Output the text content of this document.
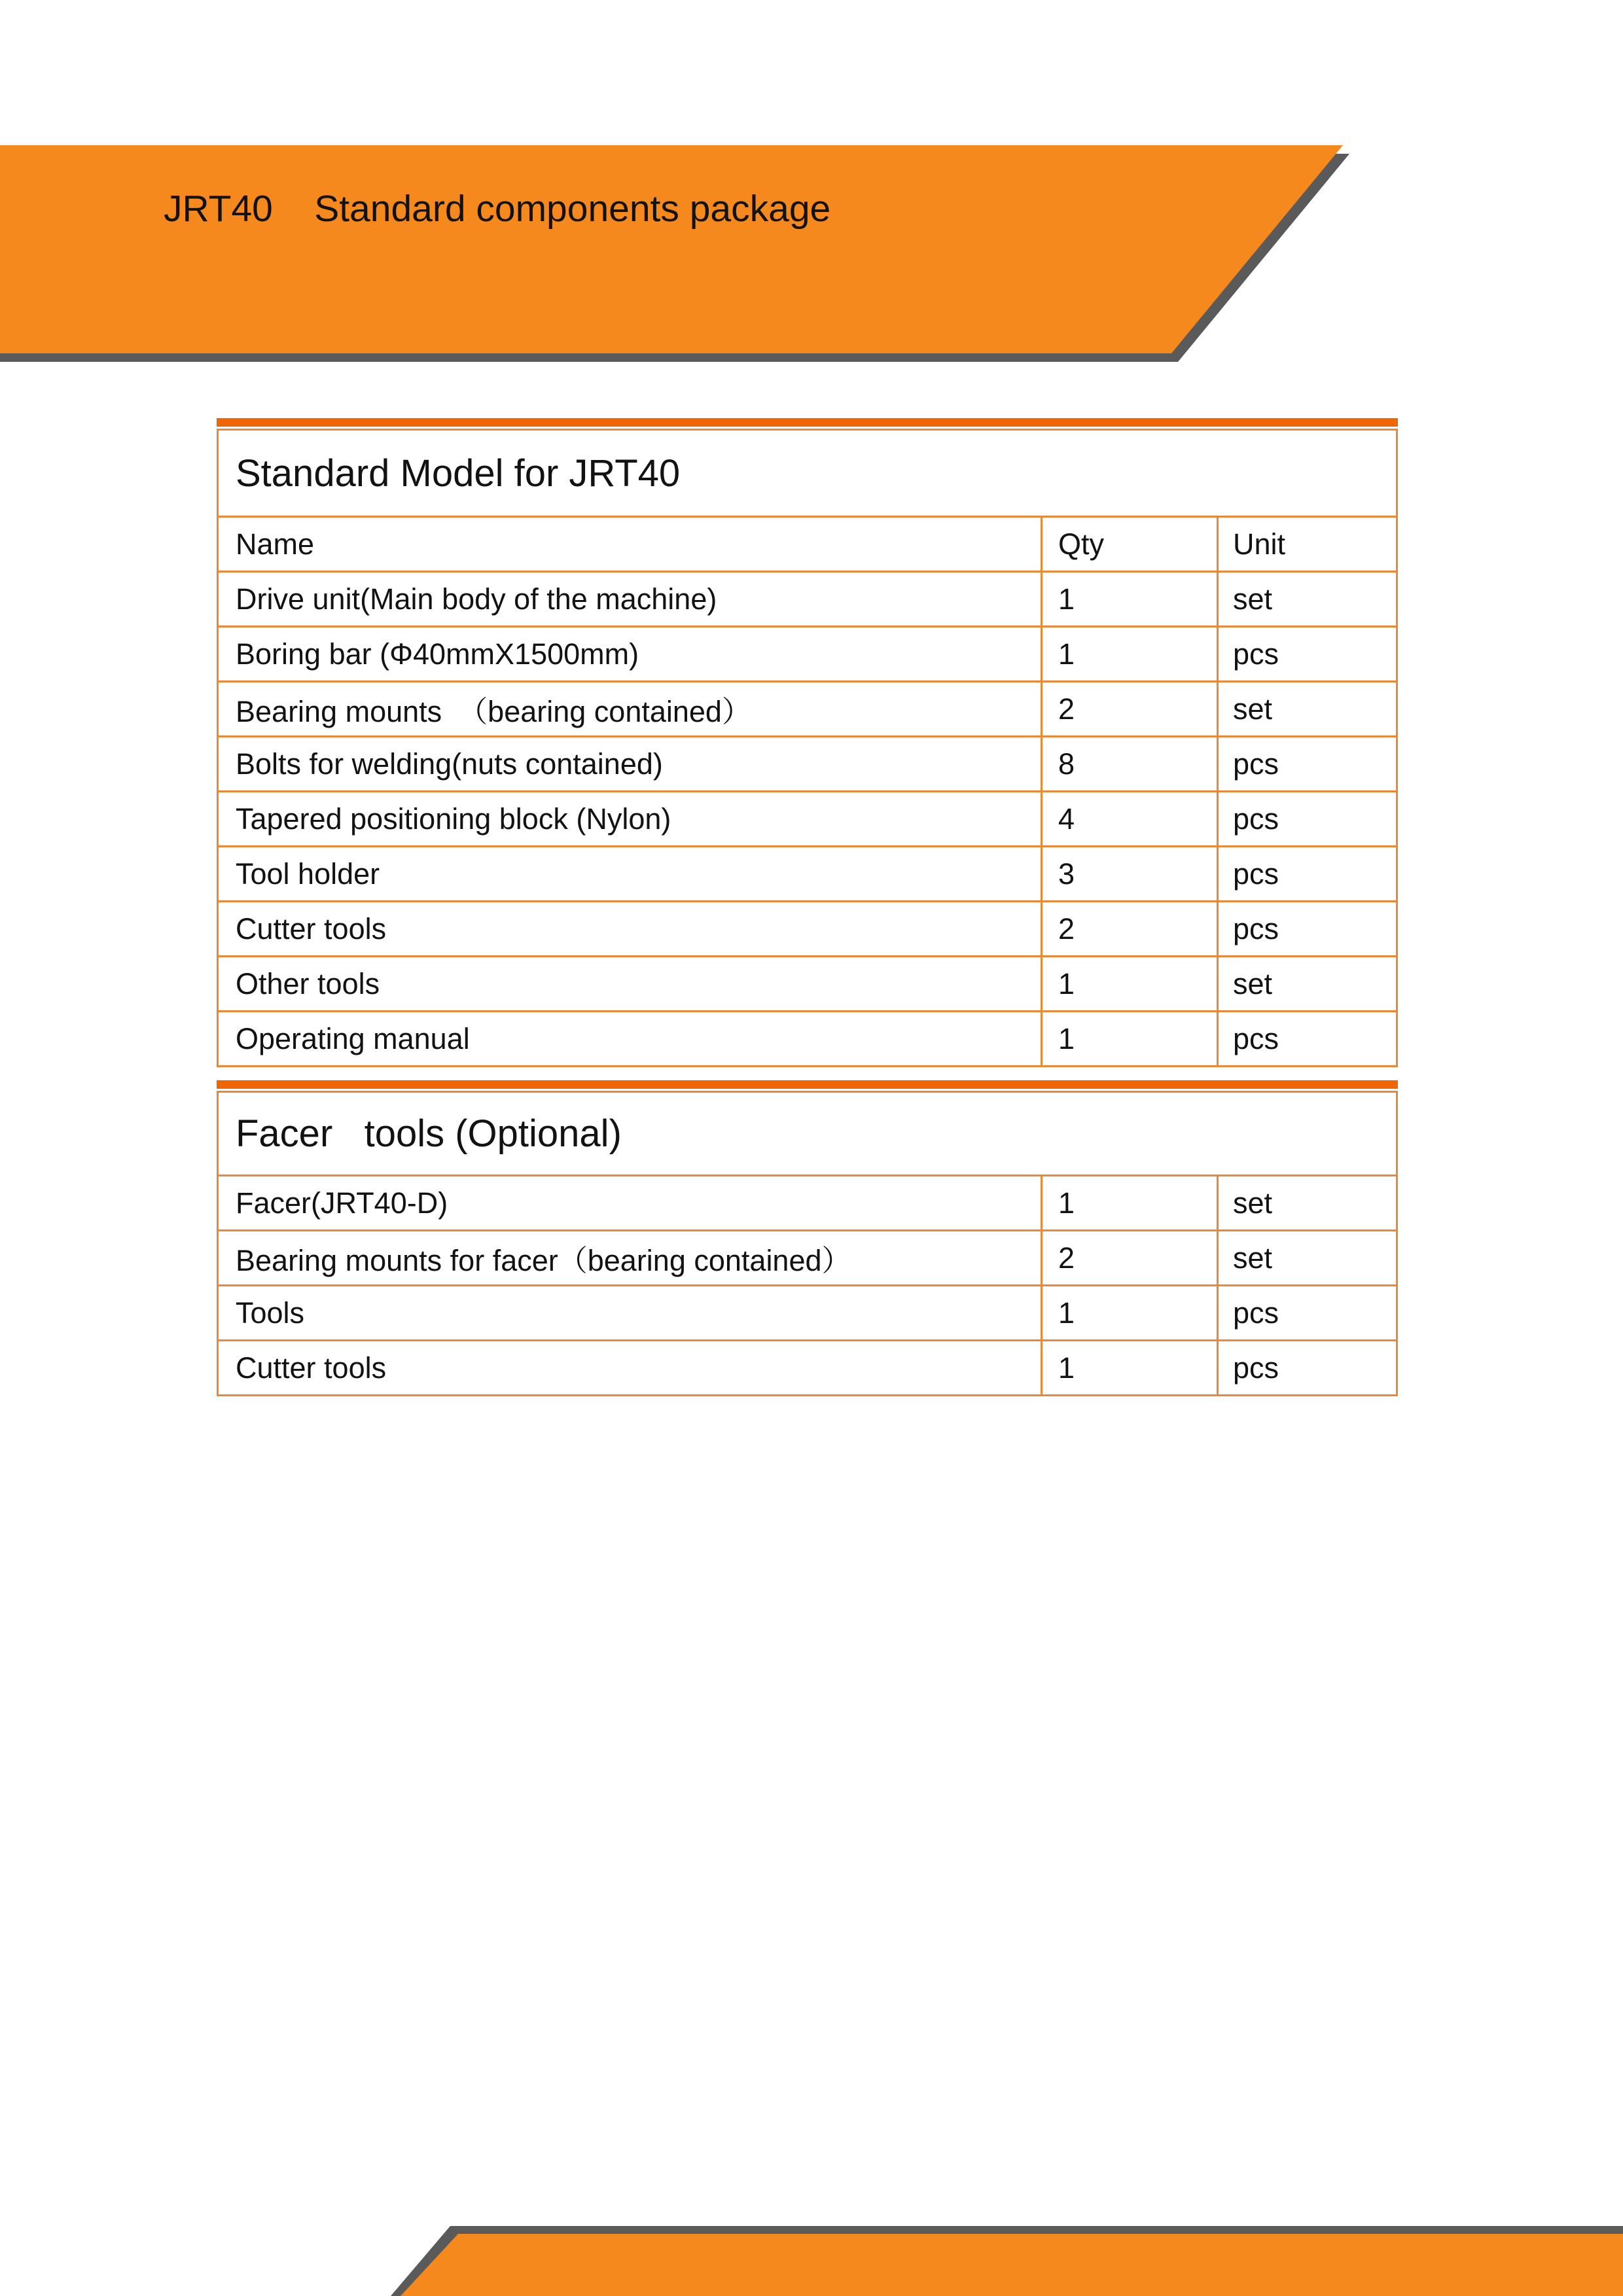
JRT40    Standard components package
Standard Model for JRT40
Name	Qty	Unit
Drive unit(Main body of the machine)	1	set
Boring bar (Φ40mmX1500mm)	1	pcs
Bearing mounts  （bearing contained）	2	set
Bolts for welding(nuts contained)	8	pcs
Tapered positioning block (Nylon)	4	pcs
Tool holder	3	pcs
Cutter tools	2	pcs
Other tools	1	set
Operating manual	1	pcs
Facer   tools (Optional)
Facer(JRT40-D)	1	set
Bearing mounts for facer（bearing contained）	2	set
Tools	1	pcs
Cutter tools	1	pcs
